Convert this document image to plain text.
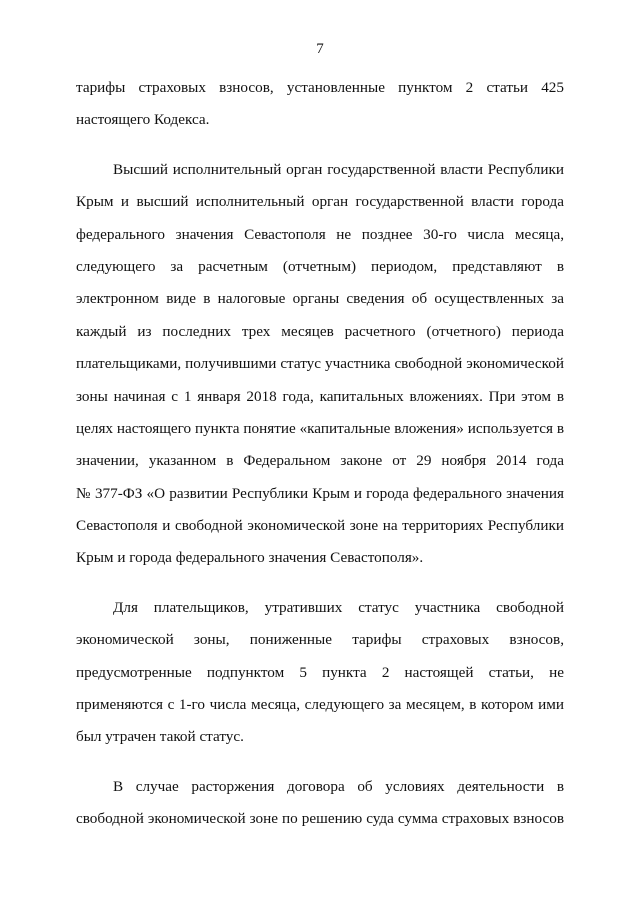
7
тарифы страховых взносов, установленные пунктом 2 статьи 425
настоящего Кодекса.
Высший исполнительный орган государственной власти Республики
Крым и высший исполнительный орган государственной власти города
федерального значения Севастополя не позднее 30-го числа месяца,
следующего за расчетным (отчетным) периодом, представляют в
электронном виде в налоговые органы сведения об осуществленных за
каждый из последних трех месяцев расчетного (отчетного) периода
плательщиками, получившими статус участника свободной экономической
зоны начиная с 1 января 2018 года, капитальных вложениях. При этом в
целях настоящего пункта понятие «капитальные вложения» используется в
значении, указанном в Федеральном законе от 29 ноября 2014 года
№ 377-ФЗ «О развитии Республики Крым и города федерального значения
Севастополя и свободной экономической зоне на территориях Республики
Крым и города федерального значения Севастополя».
Для плательщиков, утративших статус участника свободной
экономической зоны, пониженные тарифы страховых взносов,
предусмотренные подпунктом 5 пункта 2 настоящей статьи, не
применяются с 1-го числа месяца, следующего за месяцем, в котором ими
был утрачен такой статус.
В случае расторжения договора об условиях деятельности в
свободной экономической зоне по решению суда сумма страховых взносов
